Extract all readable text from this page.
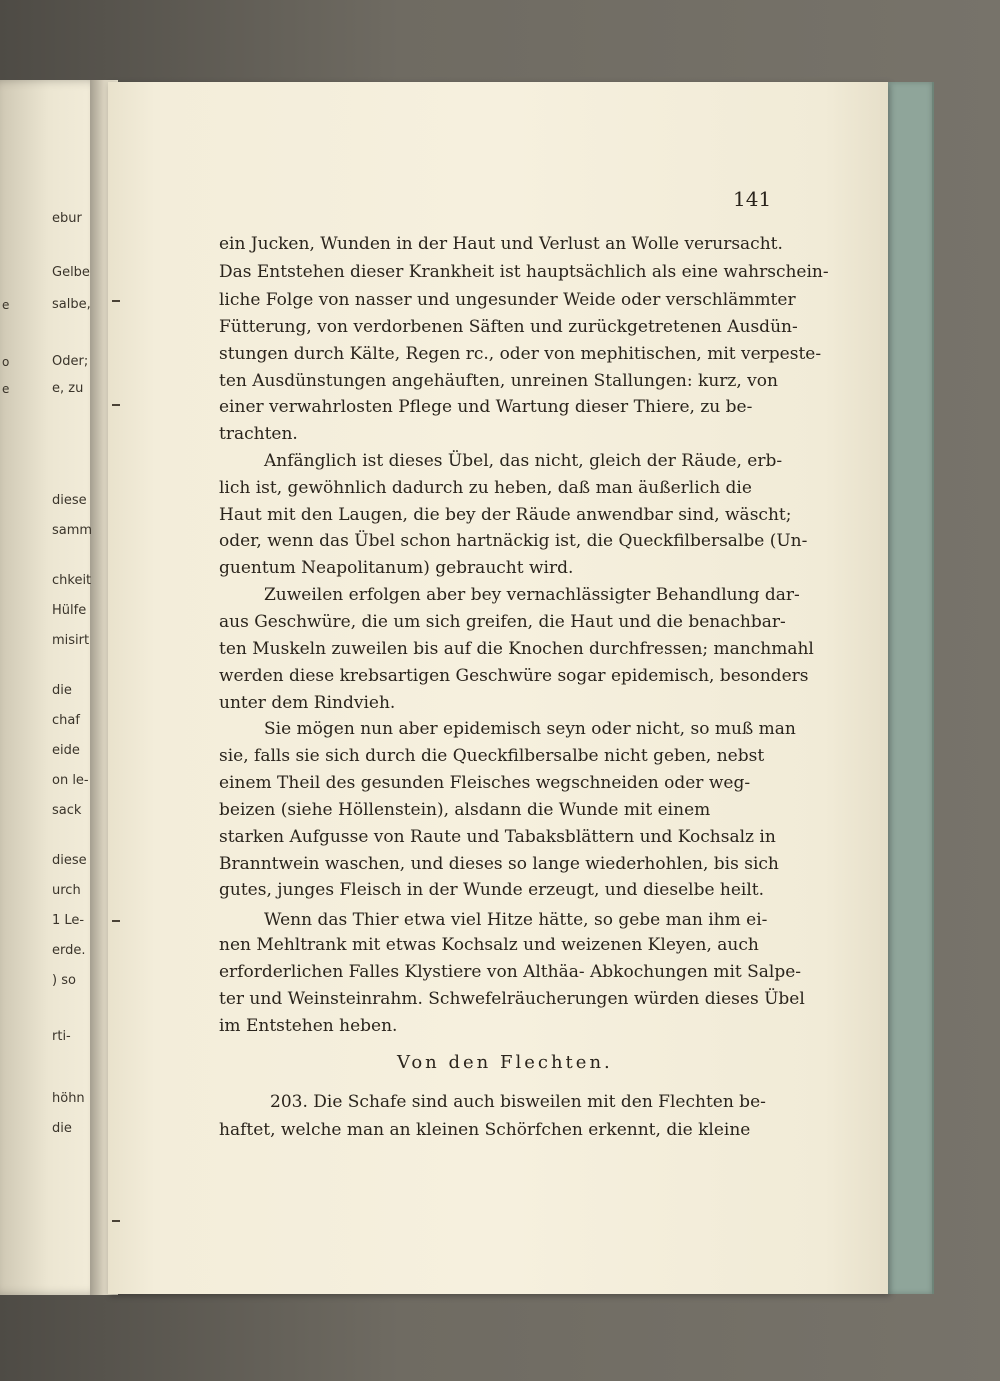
ebur
Gelbe
e	salbe,
o	Oder;
e	e, zu
diese
samm
chkeit
Hülfe
misirt
die
chaf
eide
on le-
sack
diese
urch
1 Le-
erde.
) so
rti-
höhn
die
141
ein Jucken, Wunden in der Haut und Verlust an Wolle verursacht.
Das Entstehen dieser Krankheit ist hauptsächlich als eine wahrschein-
liche Folge von nasser und ungesunder Weide oder verschlämmter
Fütterung, von verdorbenen Säften und zurückgetretenen Ausdün-
stungen durch Kälte, Regen rc., oder von mephitischen, mit verpeste-
ten Ausdünstungen angehäuften, unreinen Stallungen: kurz, von
einer verwahrlosten Pflege und Wartung dieser Thiere, zu be-
trachten.
Anfänglich ist dieses Übel, das nicht, gleich der Räude, erb-
lich ist, gewöhnlich dadurch zu heben, daß man äußerlich die
Haut mit den Laugen, die bey der Räude anwendbar sind, wäscht;
oder, wenn das Übel schon hartnäckig ist, die Queckfilbersalbe (Un-
guentum Neapolitanum) gebraucht wird.
Zuweilen erfolgen aber bey vernachlässigter Behandlung dar-
aus Geschwüre, die um sich greifen, die Haut und die benachbar-
ten Muskeln zuweilen bis auf die Knochen durchfressen; manchmahl
werden diese krebsartigen Geschwüre sogar epidemisch, besonders
unter dem Rindvieh.
Sie mögen nun aber epidemisch seyn oder nicht, so muß man
sie, falls sie sich durch die Queckfilbersalbe nicht geben, nebst
einem Theil des gesunden Fleisches wegschneiden oder weg-
beizen (siehe Höllenstein), alsdann die Wunde mit einem
starken Aufgusse von Raute und Tabaksblättern und Kochsalz in
Branntwein waschen, und dieses so lange wiederhohlen, bis sich
gutes, junges Fleisch in der Wunde erzeugt, und dieselbe heilt.
Wenn das Thier etwa viel Hitze hätte, so gebe man ihm ei-
nen Mehltrank mit etwas Kochsalz und weizenen Kleyen, auch
erforderlichen Falles Klystiere von Althäa- Abkochungen mit Salpe-
ter und Weinsteinrahm. Schwefelräucherungen würden dieses Übel
im Entstehen heben.
Von den Flechten.
203. Die Schafe sind auch bisweilen mit den Flechten be-
haftet, welche man an kleinen Schörfchen erkennt, die kleine
